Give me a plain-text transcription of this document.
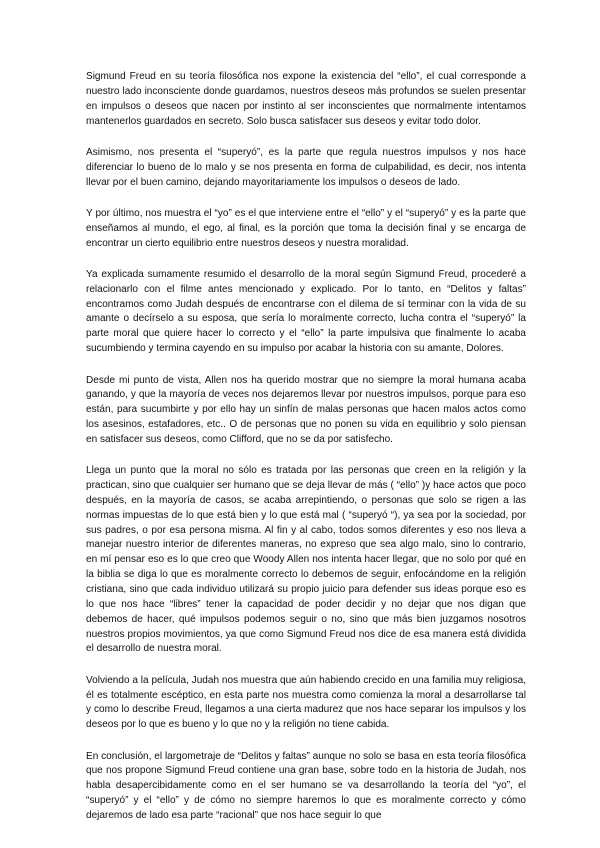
Sigmund Freud en su teoría filosófica nos expone la existencia del “ello”, el cual corresponde a nuestro lado inconsciente donde guardamos, nuestros deseos más profundos se suelen presentar en impulsos o deseos que nacen por instinto al ser inconscientes que normalmente intentamos mantenerlos guardados en secreto. Solo busca satisfacer sus deseos y evitar todo dolor.

Asimismo, nos presenta el “superyó”, es la parte que regula nuestros impulsos y nos hace diferenciar lo bueno de lo malo y se nos presenta en forma de culpabilidad, es decir, nos intenta llevar por el buen camino, dejando mayoritariamente los impulsos o deseos de lado.

Y por último, nos muestra el “yo” es el que interviene entre el “ello” y el “superyó” y es la parte que enseñamos al mundo, el ego, al final, es la porción que toma la decisión final y se encarga de encontrar un cierto equilibrio entre nuestros deseos y nuestra moralidad.

Ya explicada sumamente resumido el desarrollo de la moral según Sigmund Freud, procederé a relacionarlo con el filme antes mencionado y explicado. Por lo tanto, en “Delitos y faltas” encontramos como Judah después de encontrarse con el dilema de sí terminar con la vida de su amante o decírselo a su esposa, que sería lo moralmente correcto, lucha contra el “superyó” la parte moral que quiere hacer lo correcto y el “ello” la parte impulsiva que finalmente lo acaba sucumbiendo y termina cayendo en su impulso por acabar la historia con su amante, Dolores.

Desde mi punto de vista, Allen nos ha querido mostrar que no siempre la moral humana acaba ganando, y que la mayoría de veces nos dejaremos llevar por nuestros impulsos, porque para eso están, para sucumbirte y por ello hay un sinfín de malas personas que hacen malos actos como los asesinos, estafadores, etc.. O de personas que no ponen su vida en equilibrio y solo piensan en satisfacer sus deseos, como Clifford, que no se da por satisfecho.

Llega un punto que la moral no sólo es tratada por las personas que creen en la religión y la practican, sino que cualquier ser humano que se deja llevar de más ( “ello” )y hace actos que poco después, en la mayoría de casos, se acaba arrepintiendo, o personas que solo se rigen a las normas impuestas de lo que está bien y lo que está mal ( “superyó “), ya sea por la sociedad, por sus padres, o por esa persona misma. Al fin y al cabo, todos somos diferentes y eso nos lleva a manejar nuestro interior de diferentes maneras, no expreso que sea algo malo, sino lo contrario, en mí pensar eso es lo que creo que Woody Allen nos intenta hacer llegar, que no solo por qué en la biblia se diga lo que es moralmente correcto lo debemos de seguir, enfocándome en la religión cristiana, sino que cada individuo utilizará su propio juicio para defender sus ideas porque eso es lo que nos hace “libres” tener la capacidad de poder decidir y no dejar que nos digan que debemos de hacer, qué impulsos podemos seguir o no, sino que más bien juzgamos nosotros nuestros propios movimientos, ya que como Sigmund Freud nos dice de esa manera está dividida el desarrollo de nuestra moral.

Volviendo a la película, Judah nos muestra que aún habiendo crecido en una familia muy religiosa, él es totalmente escéptico, en esta parte nos muestra como comienza la moral a desarrollarse tal y como lo describe Freud, llegamos a una cierta madurez que nos hace separar los impulsos y los deseos por lo que es bueno y lo que no y la religión no tiene cabida.

En conclusión, el largometraje de “Delitos y faltas” aunque no solo se basa en esta teoría filosófica que nos propone Sigmund Freud contiene una gran base, sobre todo en la historia de Judah, nos habla desapercibidamente como en el ser humano se va desarrollando la teoría del “yo”, el “superyó” y el “ello” y de cómo no siempre haremos lo que es moralmente correcto y cómo dejaremos de lado esa parte “racional” que nos hace seguir lo que
